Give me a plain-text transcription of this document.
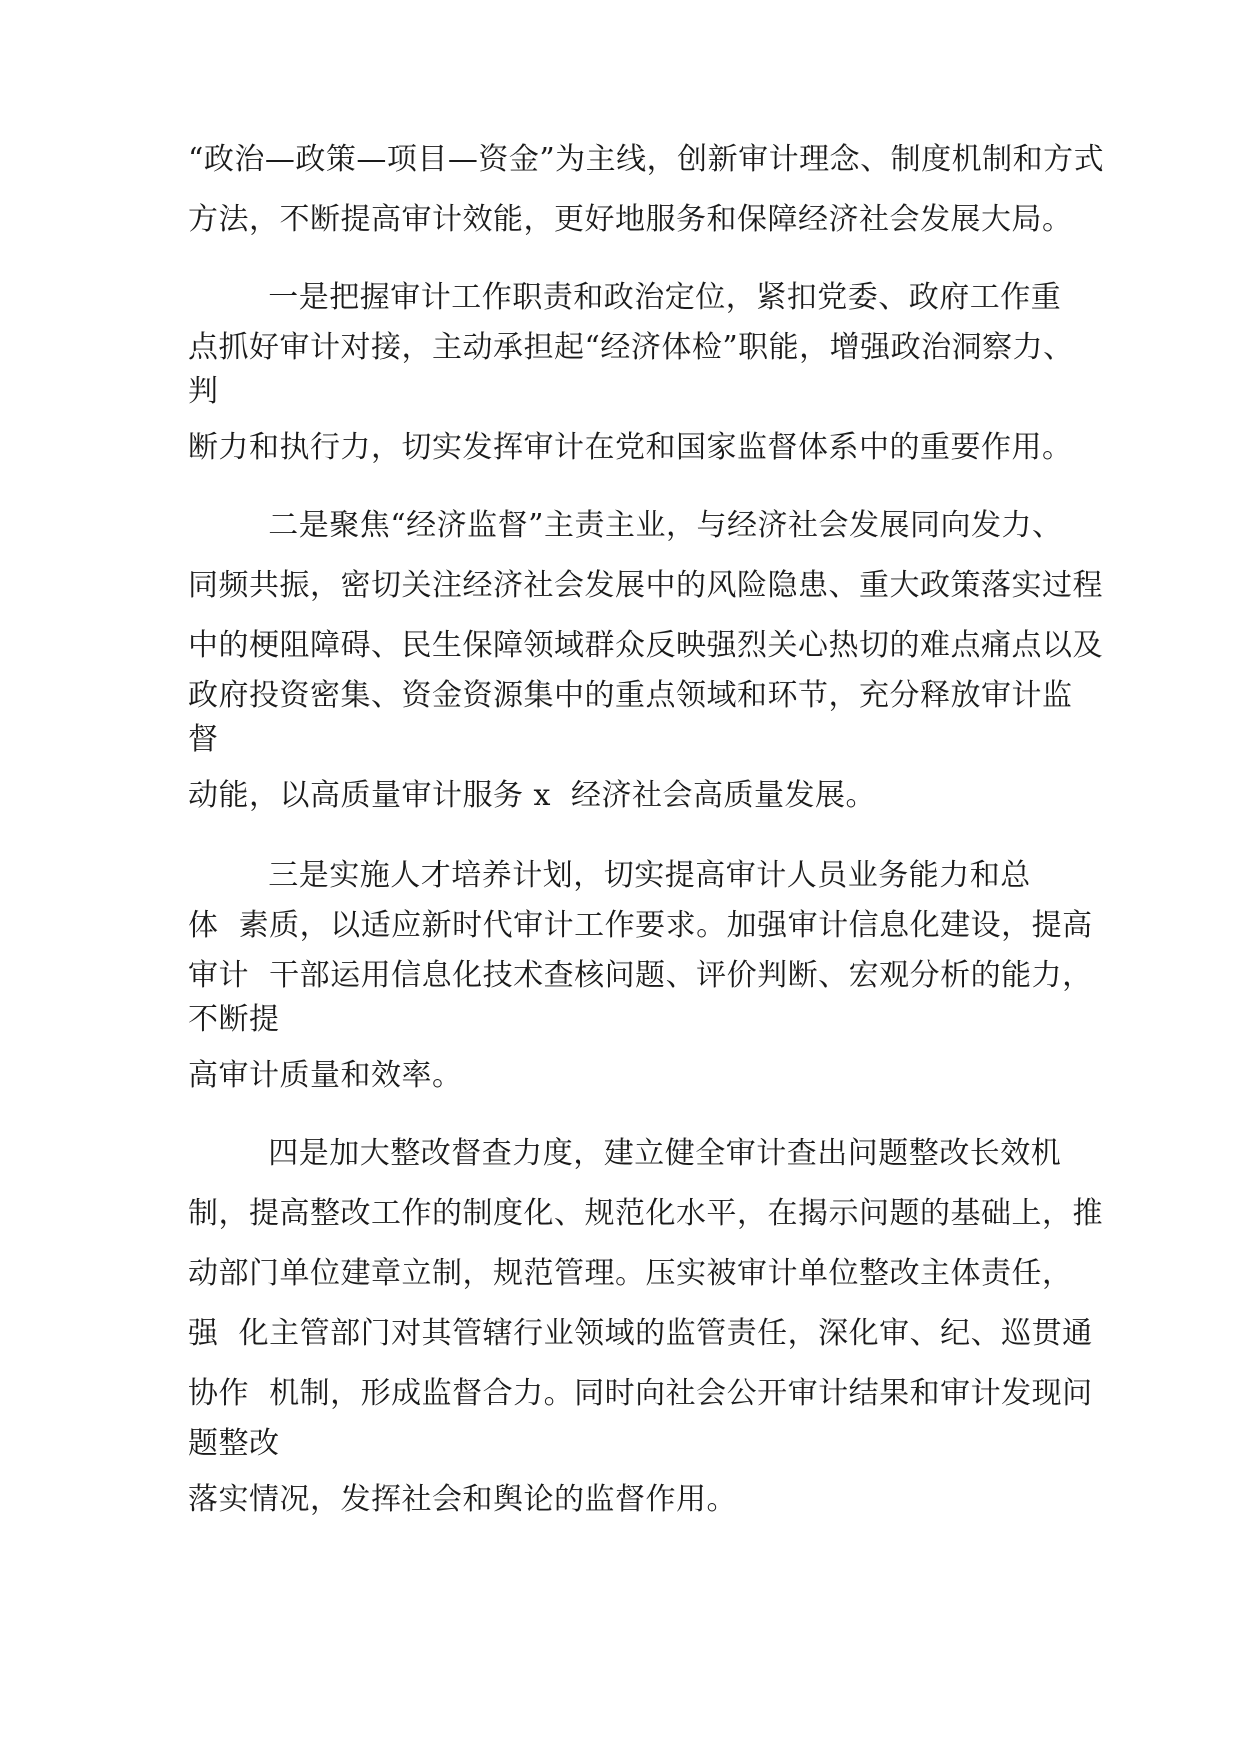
“政治—政策—项目—资金”为主线，创新审计理念、制度机制和方式

方法，不断提高审计效能，更好地服务和保障经济社会发展大局。

一是把握审计工作职责和政治定位，紧扣党委、政府工作重

点抓好审计对接，主动承担起“经济体检”职能，增强政治洞察力、

判

断力和执行力，切实发挥审计在党和国家监督体系中的重要作用。

二是聚焦“经济监督”主责主业，与经济社会发展同向发力、

同频共振，密切关注经济社会发展中的风险隐患、重大政策落实过程

中的梗阻障碍、民生保障领域群众反映强烈关心热切的难点痛点以及

政府投资密集、资金资源集中的重点领域和环节，充分释放审计监

督

动能，以高质量审计服务 x  经济社会高质量发展。

三是实施人才培养计划，切实提高审计人员业务能力和总

体  素质，以适应新时代审计工作要求。加强审计信息化建设，提高

审计  干部运用信息化技术查核问题、评价判断、宏观分析的能力，

不断提

高审计质量和效率。

四是加大整改督查力度，建立健全审计查出问题整改长效机

制，提高整改工作的制度化、规范化水平，在揭示问题的基础上，推

动部门单位建章立制，规范管理。压实被审计单位整改主体责任，

强  化主管部门对其管辖行业领域的监管责任，深化审、纪、巡贯通

协作  机制，形成监督合力。同时向社会公开审计结果和审计发现问

题整改

落实情况，发挥社会和舆论的监督作用。
